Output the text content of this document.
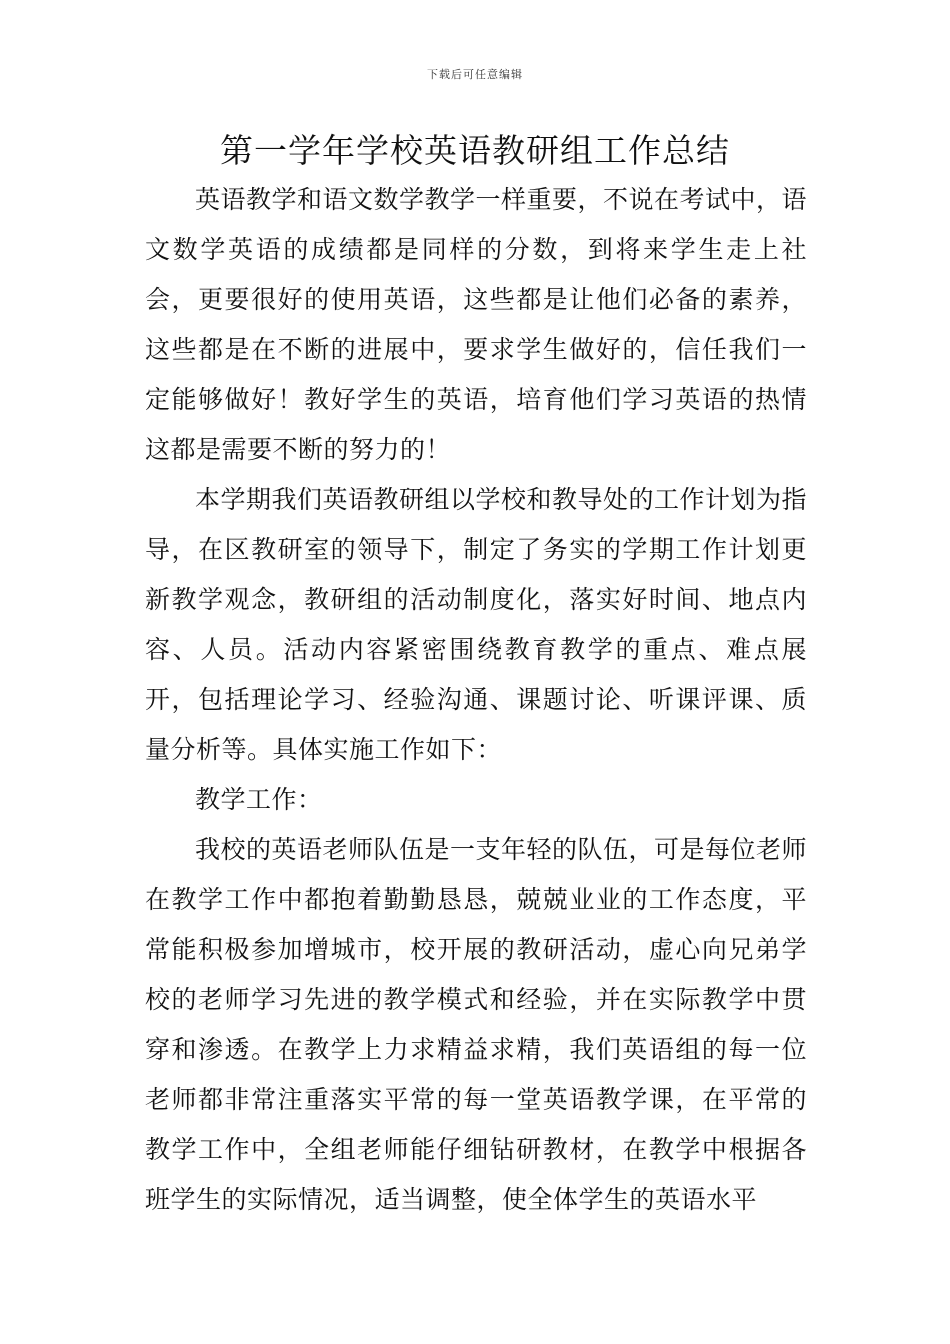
下载后可任意编辑
第一学年学校英语教研组工作总结

英语教学和语文数学教学一样重要，不说在考试中，语文数学英语的成绩都是同样的分数，到将来学生走上社会，更要很好的使用英语，这些都是让他们必备的素养，这些都是在不断的进展中，要求学生做好的，信任我们一定能够做好！教好学生的英语，培育他们学习英语的热情这都是需要不断的努力的！

本学期我们英语教研组以学校和教导处的工作计划为指导，在区教研室的领导下，制定了务实的学期工作计划更新教学观念，教研组的活动制度化，落实好时间、地点内容、人员。活动内容紧密围绕教育教学的重点、难点展开，包括理论学习、经验沟通、课题讨论、听课评课、质量分析等。具体实施工作如下：

教学工作：

我校的英语老师队伍是一支年轻的队伍，可是每位老师在教学工作中都抱着勤勤恳恳，兢兢业业的工作态度，平常能积极参加增城市，校开展的教研活动，虚心向兄弟学校的老师学习先进的教学模式和经验，并在实际教学中贯穿和渗透。在教学上力求精益求精，我们英语组的每一位老师都非常注重落实平常的每一堂英语教学课，在平常的教学工作中，全组老师能仔细钻研教材，在教学中根据各班学生的实际情况，适当调整，使全体学生的英语水平
